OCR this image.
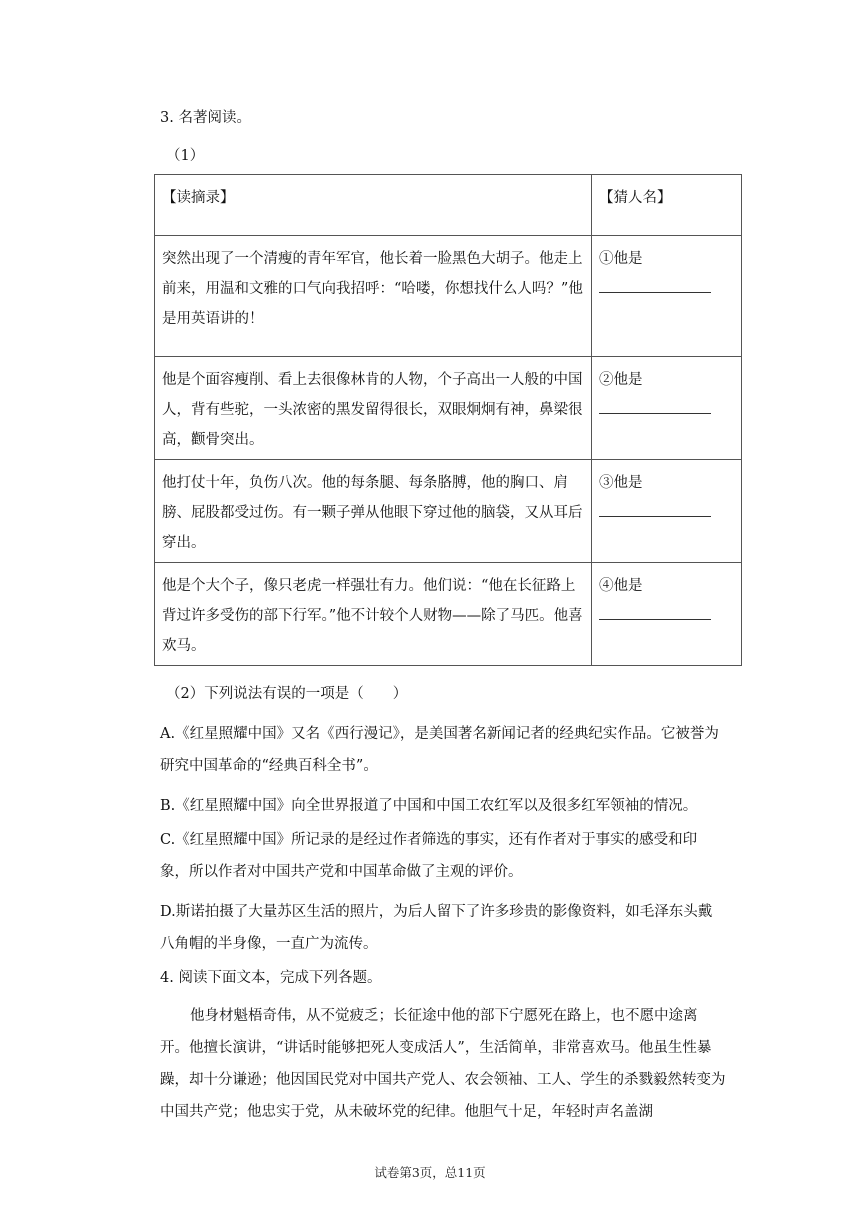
3. 名著阅读。
（1）
【读摘录】	【猜人名】
突然出现了一个清瘦的青年军官，他长着一脸黑色大胡子。他走上前来，用温和文雅的口气向我招呼：“哈喽，你想找什么人吗？”他是用英语讲的！	①他是

他是个面容瘦削、看上去很像林肯的人物，个子高出一人般的中国人，背有些驼，一头浓密的黑发留得很长，双眼炯炯有神，鼻梁很高，颧骨突出。	②他是

他打仗十年，负伤八次。他的每条腿、每条胳膊，他的胸口、肩膀、屁股都受过伤。有一颗子弹从他眼下穿过他的脑袋，又从耳后穿出。	③他是

他是个大个子，像只老虎一样强壮有力。他们说：“他在长征路上背过许多受伤的部下行军。”他不计较个人财物——除了马匹。他喜欢马。	④他是
（2）下列说法有误的一项是（　　）
A.《红星照耀中国》又名《西行漫记》，是美国著名新闻记者的经典纪实作品。它被誉为研究中国革命的“经典百科全书”。
B.《红星照耀中国》向全世界报道了中国和中国工农红军以及很多红军领袖的情况。
C.《红星照耀中国》所记录的是经过作者筛选的事实，还有作者对于事实的感受和印象，所以作者对中国共产党和中国革命做了主观的评价。
D.斯诺拍摄了大量苏区生活的照片，为后人留下了许多珍贵的影像资料，如毛泽东头戴八角帽的半身像，一直广为流传。
4. 阅读下面文本，完成下列各题。
他身材魁梧奇伟，从不觉疲乏；长征途中他的部下宁愿死在路上，也不愿中途离开。他擅长演讲，“讲话时能够把死人变成活人”，生活简单，非常喜欢马。他虽生性暴躁，却十分谦逊；他因国民党对中国共产党人、农会领袖、工人、学生的杀戮毅然转变为中国共产党；他忠实于党，从未破坏党的纪律。他胆气十足，年轻时声名盖湖
试卷第3页，总11页
